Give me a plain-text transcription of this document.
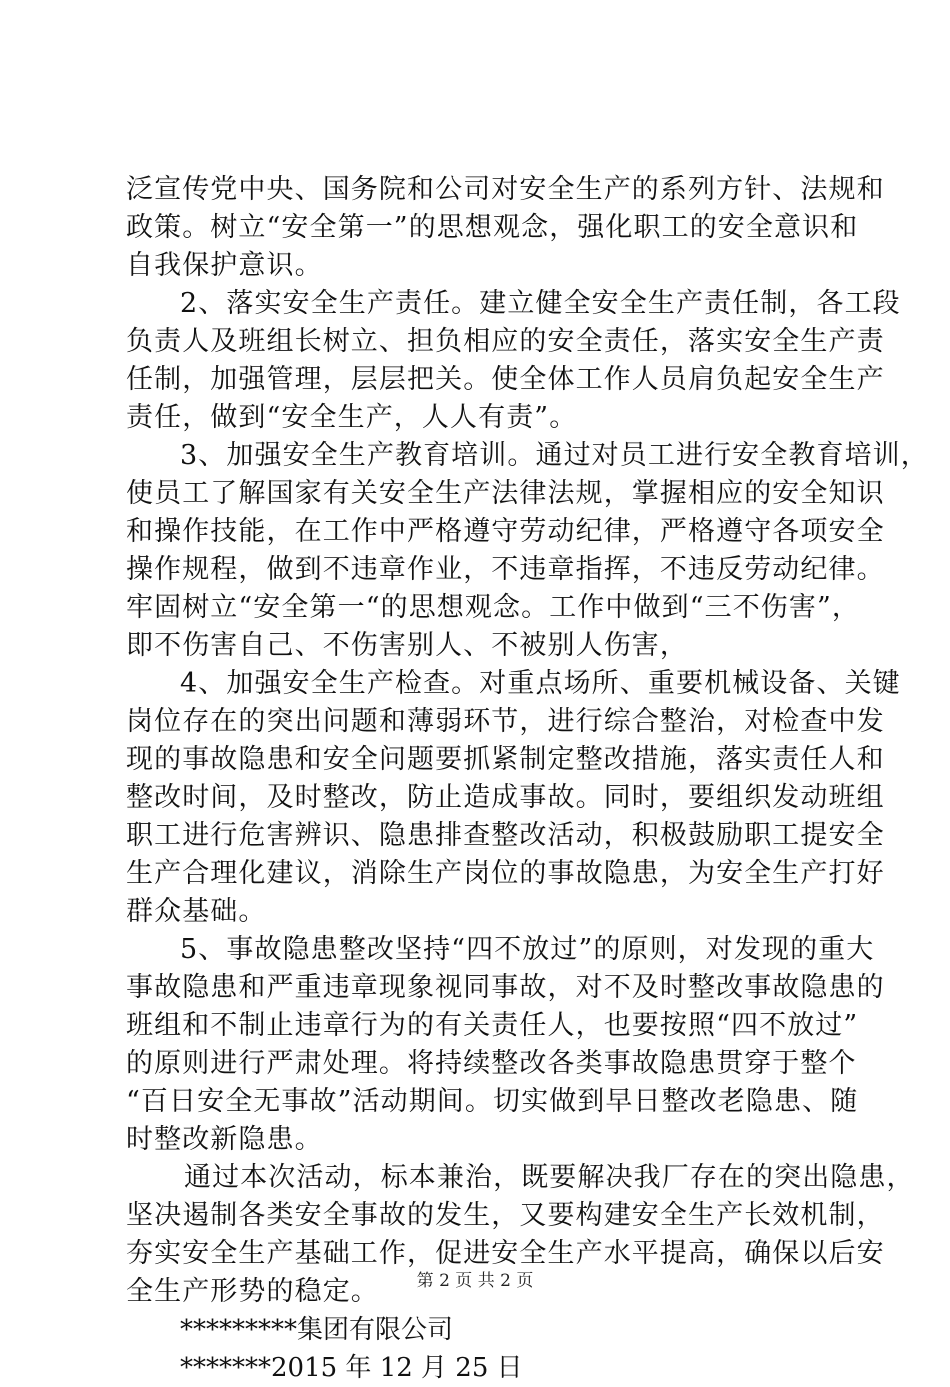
泛宣传党中央、国务院和公司对安全生产的系列方针、法规和
政策。树立“安全第一”的思想观念，强化职工的安全意识和
自我保护意识。
2、落实安全生产责任。建立健全安全生产责任制，各工段
负责人及班组长树立、担负相应的安全责任，落实安全生产责
任制，加强管理，层层把关。使全体工作人员肩负起安全生产
责任，做到“安全生产，人人有责”。
3、加强安全生产教育培训。通过对员工进行安全教育培训，
使员工了解国家有关安全生产法律法规，掌握相应的安全知识
和操作技能，在工作中严格遵守劳动纪律，严格遵守各项安全
操作规程，做到不违章作业，不违章指挥，不违反劳动纪律。
牢固树立“安全第一“的思想观念。工作中做到“三不伤害”，
即不伤害自己、不伤害别人、不被别人伤害，
4、加强安全生产检查。对重点场所、重要机械设备、关键
岗位存在的突出问题和薄弱环节，进行综合整治，对检查中发
现的事故隐患和安全问题要抓紧制定整改措施，落实责任人和
整改时间，及时整改，防止造成事故。同时，要组织发动班组
职工进行危害辨识、隐患排查整改活动，积极鼓励职工提安全
生产合理化建议，消除生产岗位的事故隐患，为安全生产打好
群众基础。
5、事故隐患整改坚持“四不放过”的原则，对发现的重大
事故隐患和严重违章现象视同事故，对不及时整改事故隐患的
班组和不制止违章行为的有关责任人，也要按照“四不放过”
的原则进行严肃处理。将持续整改各类事故隐患贯穿于整个
“百日安全无事故”活动期间。切实做到早日整改老隐患、随
时整改新隐患。
通过本次活动，标本兼治，既要解决我厂存在的突出隐患，
坚决遏制各类安全事故的发生，又要构建安全生产长效机制，
夯实安全生产基础工作，促进安全生产水平提高，确保以后安
全生产形势的稳定。
*********集团有限公司
*******2015 年 12 月 25 日
第 2 页 共 2 页
